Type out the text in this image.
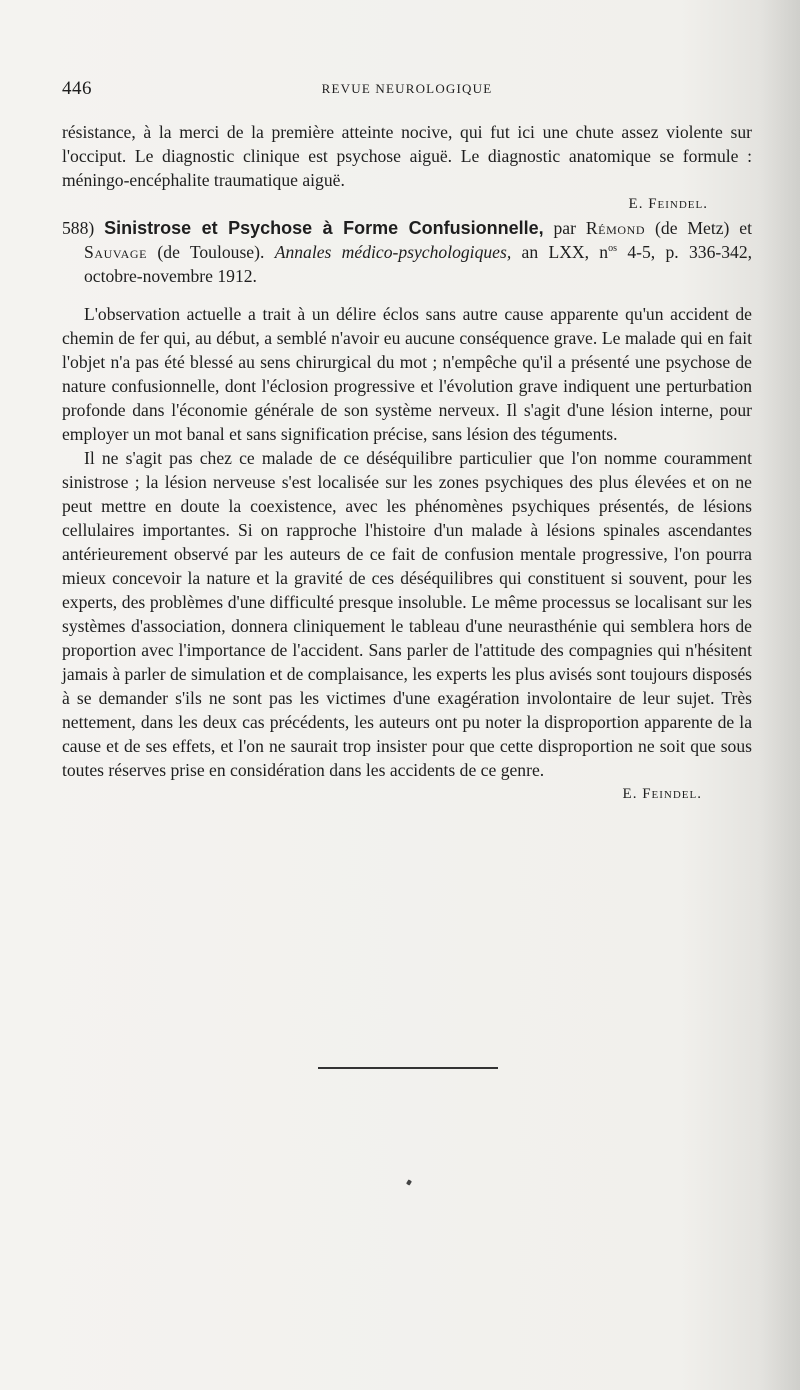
446	REVUE NEUROLOGIQUE

résistance, à la merci de la première atteinte nocive, qui fut ici une chute assez violente sur l'occiput. Le diagnostic clinique est psychose aiguë. Le diagnostic anatomique se formule : méningo-encéphalite traumatique aiguë.

E. Feindel.

588) Sinistrose et Psychose à Forme Confusionnelle, par Rémond (de Metz) et Sauvage (de Toulouse). Annales médico-psychologiques, an LXX, $n^{os}$ 4-5, p. 336-342, octobre-novembre 1912.

L'observation actuelle a trait à un délire éclos sans autre cause apparente qu'un accident de chemin de fer qui, au début, a semblé n'avoir eu aucune conséquence grave. Le malade qui en fait l'objet n'a pas été blessé au sens chirurgical du mot ; n'empêche qu'il a présenté une psychose de nature confusionnelle, dont l'éclosion progressive et l'évolution grave indiquent une perturbation profonde dans l'économie générale de son système nerveux. Il s'agit d'une lésion interne, pour employer un mot banal et sans signification précise, sans lésion des téguments.

Il ne s'agit pas chez ce malade de ce déséquilibre particulier que l'on nomme couramment sinistrose ; la lésion nerveuse s'est localisée sur les zones psychiques des plus élevées et on ne peut mettre en doute la coexistence, avec les phénomènes psychiques présentés, de lésions cellulaires importantes. Si on rapproche l'histoire d'un malade à lésions spinales ascendantes antérieurement observé par les auteurs de ce fait de confusion mentale progressive, l'on pourra mieux concevoir la nature et la gravité de ces déséquilibres qui constituent si souvent, pour les experts, des problèmes d'une difficulté presque insoluble. Le même processus se localisant sur les systèmes d'association, donnera cliniquement le tableau d'une neurasthénie qui semblera hors de proportion avec l'importance de l'accident. Sans parler de l'attitude des compagnies qui n'hésitent jamais à parler de simulation et de complaisance, les experts les plus avisés sont toujours disposés à se demander s'ils ne sont pas les victimes d'une exagération involontaire de leur sujet. Très nettement, dans les deux cas précédents, les auteurs ont pu noter la disproportion apparente de la cause et de ses effets, et l'on ne saurait trop insister pour que cette disproportion ne soit que sous toutes réserves prise en considération dans les accidents de ce genre.

E. Feindel.
